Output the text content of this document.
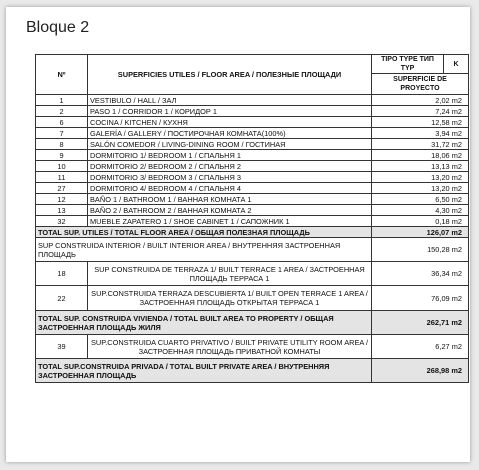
Bloque 2
Nº	SUPERFICIES UTILES / FLOOR AREA / ПОЛЕЗНЫЕ ПЛОЩАДИ	TIPO TYPE ТИП
TYP	K
		SUPERFICIE DE PROYECTO	
1	VESTIBULO / HALL / ЗАЛ	2,02 m2	
2	PASO 1 / CORRIDOR 1 / КОРИДОР 1	7,24 m2	
6	COCINA / KITCHEN / КУХНЯ	12,58 m2	
7	GALERÍA / GALLERY / ПОСТИРОЧНАЯ КОМНАТА(100%)	3,94 m2	
8	SALÓN COMEDOR / LIVING-DINING ROOM / ГОСТИНАЯ	31,72 m2	
9	DORMITORIO 1/ BEDROOM 1 / СПАЛЬНЯ 1	18,06 m2	
10	DORMITORIO 2/ BEDROOM 2 / СПАЛЬНЯ 2	13,13 m2	
11	DORMITORIO 3/ BEDROOM 3 / СПАЛЬНЯ 3	13,20 m2	
27	DORMITORIO 4/ BEDROOM 4 / СПАЛЬНЯ 4	13,20 m2	
12	BAÑO 1 / BATHROOM 1 / ВАННАЯ КОМНАТА 1	6,50 m2	
13	BAÑO 2 / BATHROOM 2 / ВАННАЯ КОМНАТА 2	4,30 m2	
32	MUEBLE ZAPATERO 1 / SHOE CABINET 1 / САПОЖНИК 1	0,18 m2	
TOTAL SUP. UTILES / TOTAL FLOOR AREA / ОБЩАЯ ПОЛЕЗНАЯ ПЛОЩАДЬ		126,07 m2	
SUP CONSTRUIDA INTERIOR / BUILT INTERIOR AREA / ВНУТРЕННЯЯ ЗАСТРОЕННАЯ ПЛОЩАДЬ		150,28 m2	
18	SUP CONSTRUIDA DE TERRAZA 1/ BUILT TERRACE 1 AREA / ЗАСТРОЕННАЯ ПЛОЩАДЬ ТЕРРАСА 1	36,34 m2	
22	SUP.CONSTRUIDA TERRAZA DESCUBIERTA 1/ BUILT OPEN TERRACE 1 AREA / ЗАСТРОЕННАЯ ПЛОЩАДЬ ОТКРЫТАЯ ТЕРРАСА 1	76,09 m2	
TOTAL SUP. CONSTRUIDA VIVIENDA / TOTAL BUILT AREA TO PROPERTY / ОБЩАЯ ЗАСТРОЕННАЯ ПЛОЩАДЬ ЖИЛЯ		262,71 m2	
39	SUP.CONSTRUIDA CUARTO PRIVATIVO / BUILT PRIVATE UTILITY ROOM AREA / ЗАСТРОЕННАЯ ПЛОЩАДЬ ПРИВАТНОЙ КОМНАТЫ	6,27 m2	
TOTAL SUP.CONSTRUIDA PRIVADA / TOTAL BUILT PRIVATE AREA / ВНУТРЕННЯЯ ЗАСТРОЕННАЯ ПЛОЩАДЬ		268,98 m2	
